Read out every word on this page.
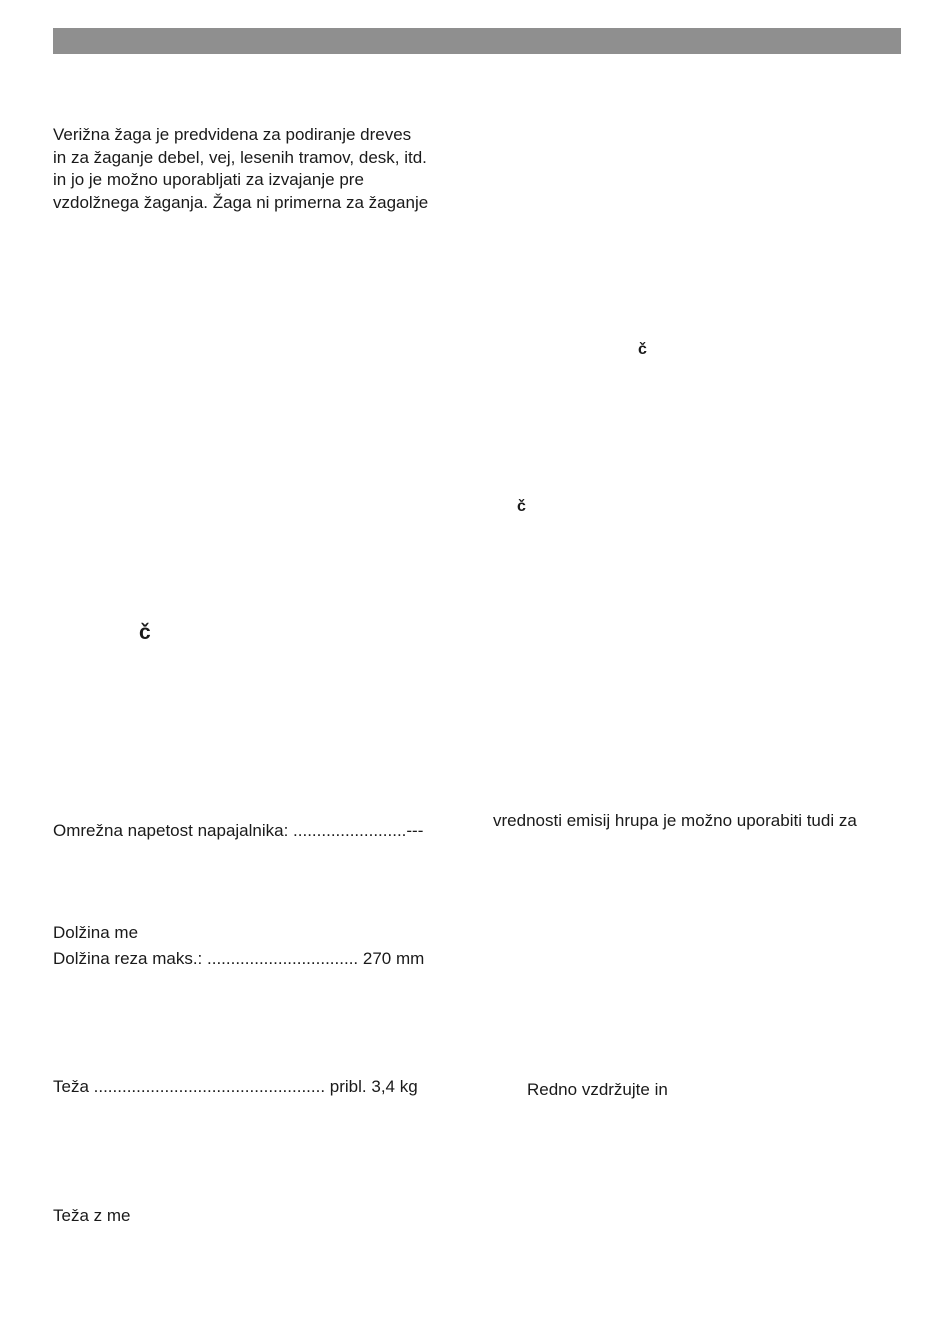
Verižna žaga je predvidena za podiranje dreves
in za žaganje debel, vej, lesenih tramov, desk, itd.
in jo je možno uporabljati za izvajanje pre
vzdolžnega žaganja. Žaga ni primerna za žaganje
č
č
č

Omrežna napetost napajalnika: ........................---

vrednosti emisij hrupa je možno uporabiti tudi za

Dolžina me

Dolžina reza maks.: ................................ 270 mm

Teža ................................................. pribl. 3,4 kg	Redno vzdržujte in

Teža z me
